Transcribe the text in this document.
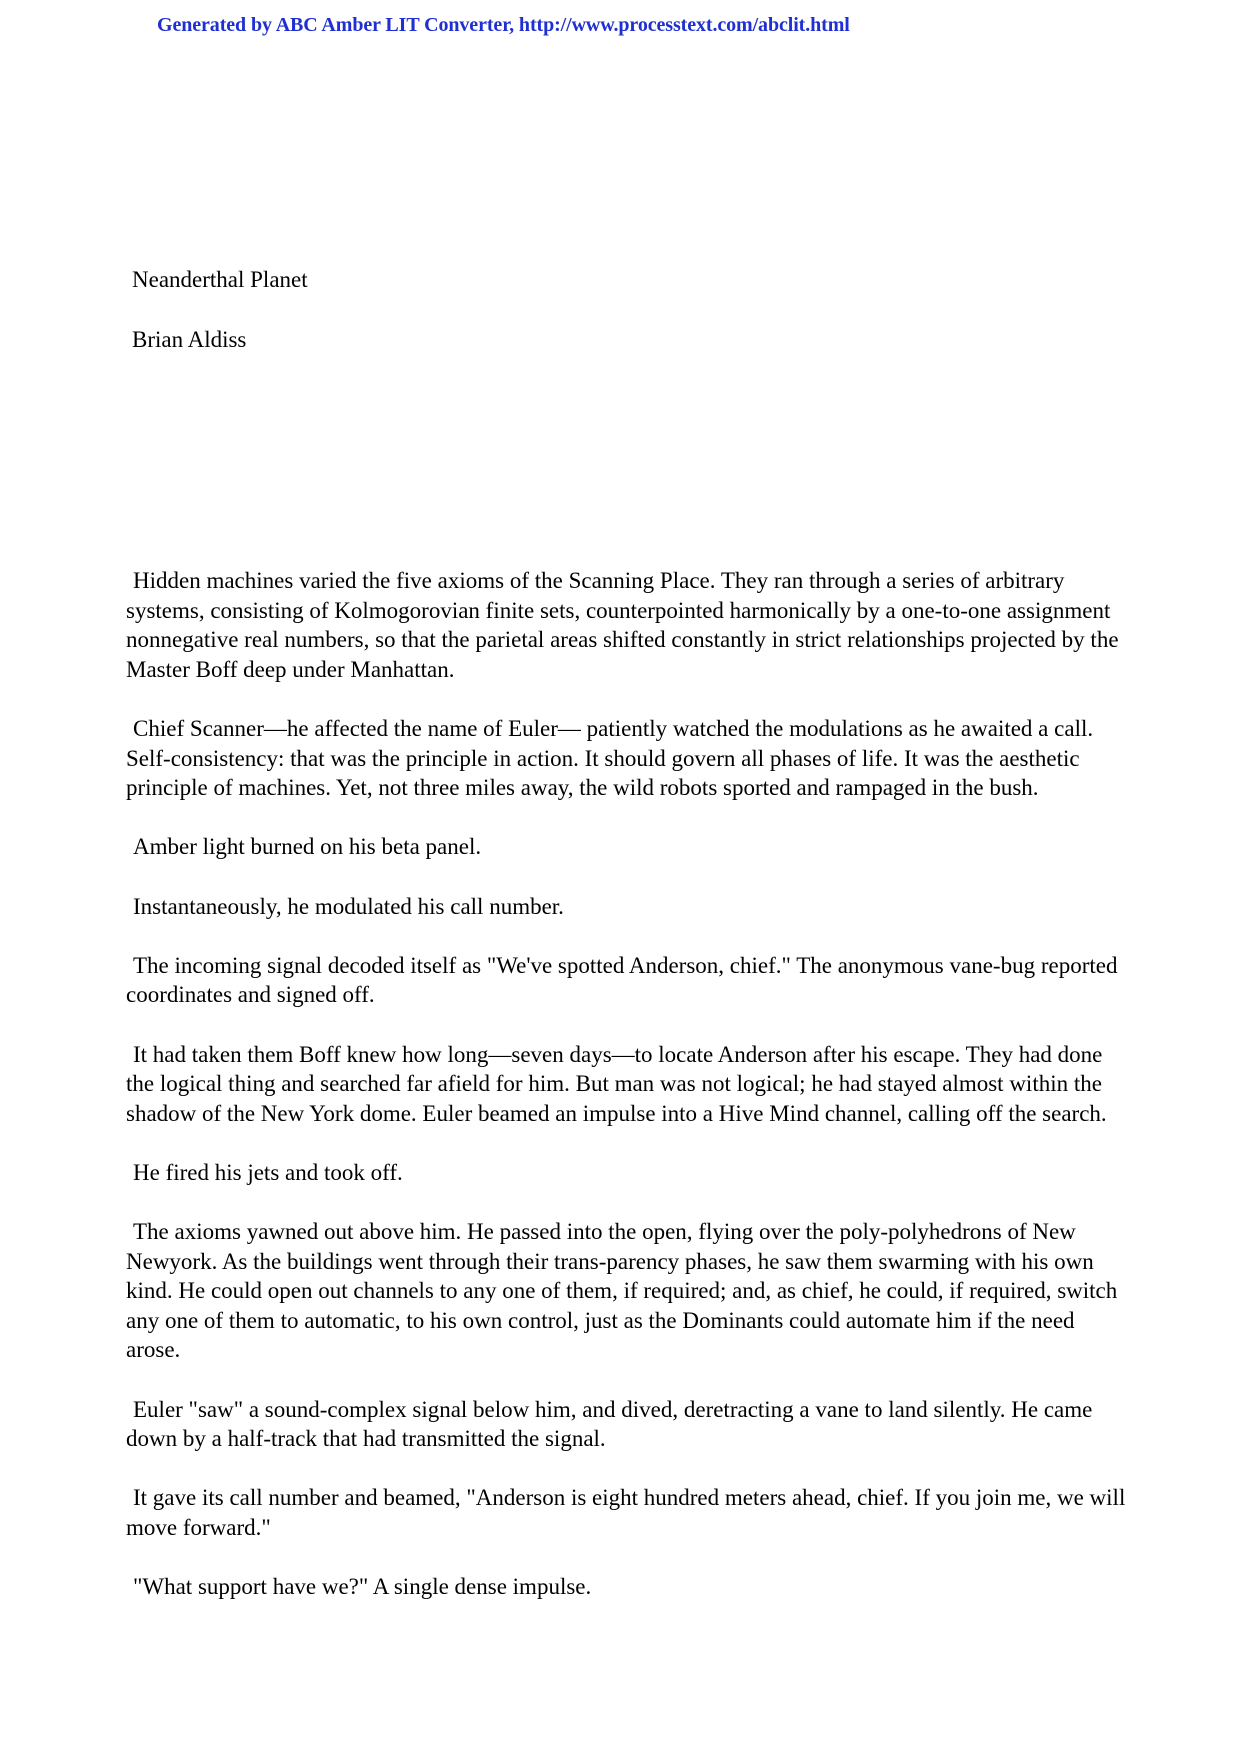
Generated by ABC Amber LIT Converter, http://www.processtext.com/abclit.html
Neanderthal Planet
Brian Aldiss

Hidden machines varied the five axioms of the Scanning Place. They ran through a series of arbitrary systems, consisting of Kolmogorovian finite sets, counterpointed harmonically by a one-to-one assignment nonnegative real numbers, so that the parietal areas shifted constantly in strict relationships projected by the Master Boff deep under Manhattan.

Chief Scanner—he affected the name of Euler— patiently watched the modulations as he awaited a call. Self-consistency: that was the principle in action. It should govern all phases of life. It was the aesthetic principle of machines. Yet, not three miles away, the wild robots sported and rampaged in the bush.

Amber light burned on his beta panel.

Instantaneously, he modulated his call number.

The incoming signal decoded itself as "We've spotted Anderson, chief." The anonymous vane-bug reported coordinates and signed off.

It had taken them Boff knew how long—seven days—to locate Anderson after his escape. They had done the logical thing and searched far afield for him. But man was not logical; he had stayed almost within the shadow of the New York dome. Euler beamed an impulse into a Hive Mind channel, calling off the search.

He fired his jets and took off.

The axioms yawned out above him. He passed into the open, flying over the poly-polyhedrons of New Newyork. As the buildings went through their trans-parency phases, he saw them swarming with his own kind. He could open out channels to any one of them, if required; and, as chief, he could, if required, switch any one of them to automatic, to his own control, just as the Dominants could automate him if the need arose.

Euler "saw" a sound-complex signal below him, and dived, deretracting a vane to land silently. He came down by a half-track that had transmitted the signal.

It gave its call number and beamed, "Anderson is eight hundred meters ahead, chief. If you join me, we will move forward."

"What support have we?" A single dense impulse.
